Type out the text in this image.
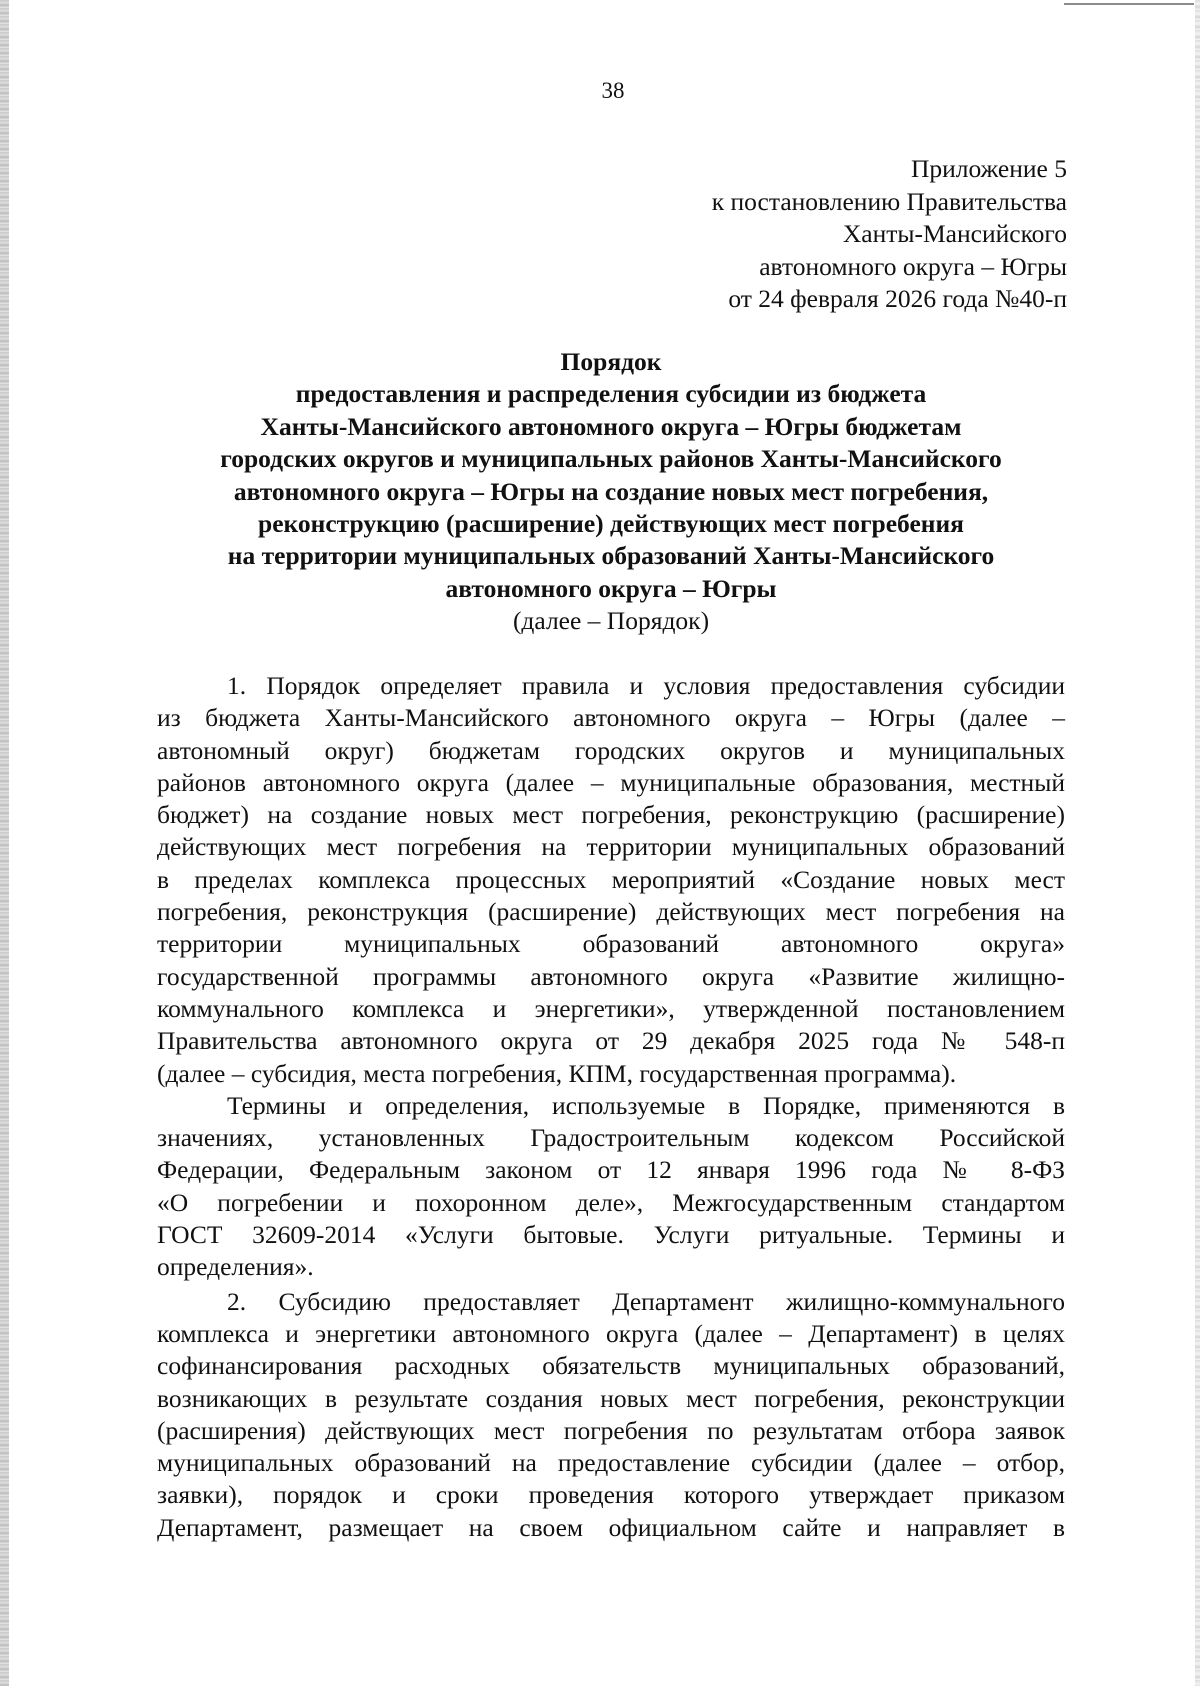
38
Приложение 5
к постановлению Правительства
Ханты-Мансийского
автономного округа – Югры
от 24 февраля 2026 года №40-п
Порядок
предоставления и распределения субсидии из бюджета
Ханты-Мансийского автономного округа – Югры бюджетам
городских округов и муниципальных районов Ханты-Мансийского
автономного округа – Югры на создание новых мест погребения,
реконструкцию (расширение) действующих мест погребения
на территории муниципальных образований Ханты-Мансийского
автономного округа – Югры
(далее – Порядок)
1. Порядок определяет правила и условия предоставления субсидии
из бюджета Ханты-Мансийского автономного округа – Югры (далее –
автономный округ) бюджетам городских округов и муниципальных
районов автономного округа (далее – муниципальные образования, местный
бюджет) на создание новых мест погребения, реконструкцию (расширение)
действующих мест погребения на территории муниципальных образований
в пределах комплекса процессных мероприятий «Создание новых мест
погребения, реконструкция (расширение) действующих мест погребения на
территории муниципальных образований автономного округа»
государственной программы автономного округа «Развитие жилищно-
коммунального комплекса и энергетики», утвержденной постановлением
Правительства автономного округа от 29 декабря 2025 года № 548-п
(далее – субсидия, места погребения, КПМ, государственная программа).
Термины и определения, используемые в Порядке, применяются в
значениях, установленных Градостроительным кодексом Российской
Федерации, Федеральным законом от 12 января 1996 года № 8-ФЗ
«О погребении и похоронном деле», Межгосударственным стандартом
ГОСТ 32609-2014 «Услуги бытовые. Услуги ритуальные. Термины и
определения».
2. Субсидию предоставляет Департамент жилищно-коммунального
комплекса и энергетики автономного округа (далее – Департамент) в целях
софинансирования расходных обязательств муниципальных образований,
возникающих в результате создания новых мест погребения, реконструкции
(расширения) действующих мест погребения по результатам отбора заявок
муниципальных образований на предоставление субсидии (далее – отбор,
заявки), порядок и сроки проведения которого утверждает приказом
Департамент, размещает на своем официальном сайте и направляет в
